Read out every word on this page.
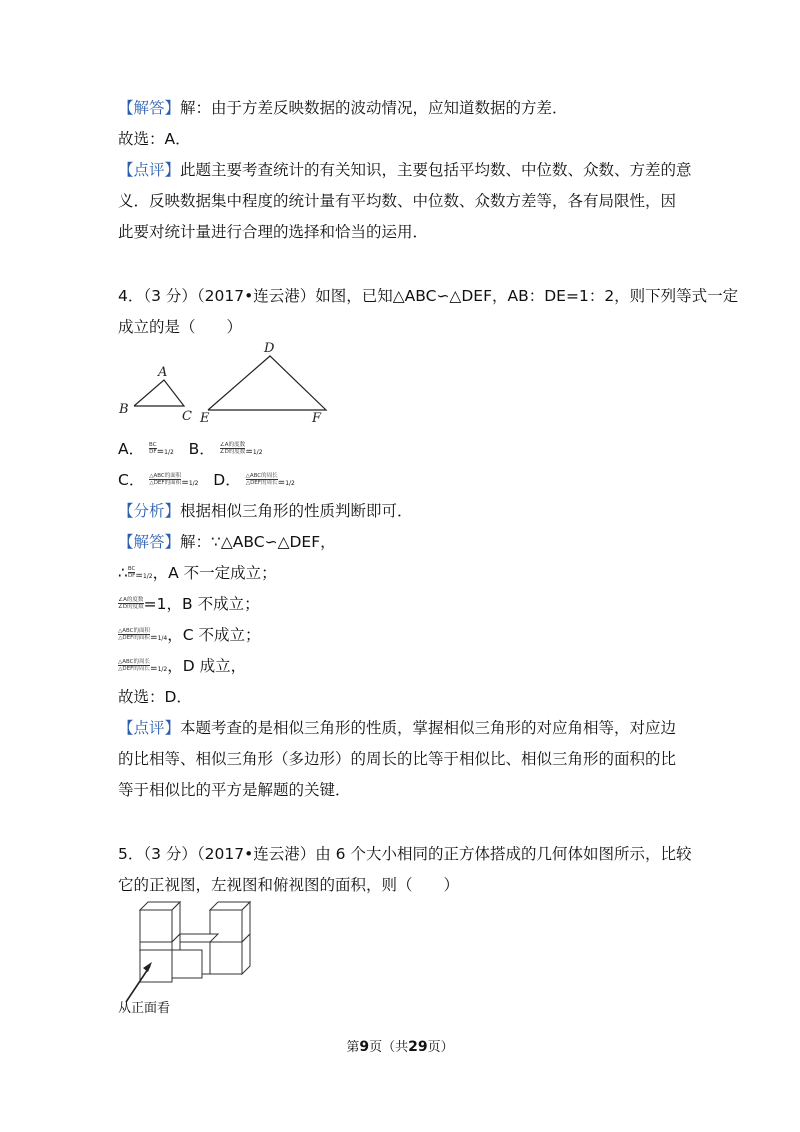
【解答】解：由于方差反映数据的波动情况，应知道数据的方差．
故选：A．
【点评】此题主要考查统计的有关知识，主要包括平均数、中位数、众数、方差的意
义．反映数据集中程度的统计量有平均数、中位数、众数方差等，各有局限性，因
此要对统计量进行合理的选择和恰当的运用．
4．（3 分）（2017•连云港）如图，已知△ABC∽△DEF，AB：DE=1：2，则下列等式一定
成立的是（　　）
A
B	C
D
E	F
A． $\frac{BC}{DF} =1/2$ B． $\frac{\text{∠A的度数}}{\text{∠D的度数}} =1/2$
C． $\frac{\text{△ABC的面积}}{\text{△DEF的面积}} =1/2$ D． $\frac{\text{△ABC的周长}}{\text{△DEF的周长}} =1/2$
【分析】根据相似三角形的性质判断即可．
【解答】解：∵△ABC∽△DEF，
∴ $\frac{BC}{DF} =1/2$，A 不一定成立；
$\frac{\text{∠A的度数}}{\text{∠D的度数}} =1$，B 不成立；
$\frac{\text{△ABC的面积}}{\text{△DEF的面积}} =1/4$，C 不成立；
$\frac{\text{△ABC的周长}}{\text{△DEF的周长}} =1/2$，D 成立，
故选：D．
【点评】本题考查的是相似三角形的性质，掌握相似三角形的对应角相等，对应边
的比相等、相似三角形（多边形）的周长的比等于相似比、相似三角形的面积的比
等于相似比的平方是解题的关键．
5．（3 分）（2017•连云港）由 6 个大小相同的正方体搭成的几何体如图所示，比较
它的正视图，左视图和俯视图的面积，则（　　）
从正面看
第9页（共29页）
